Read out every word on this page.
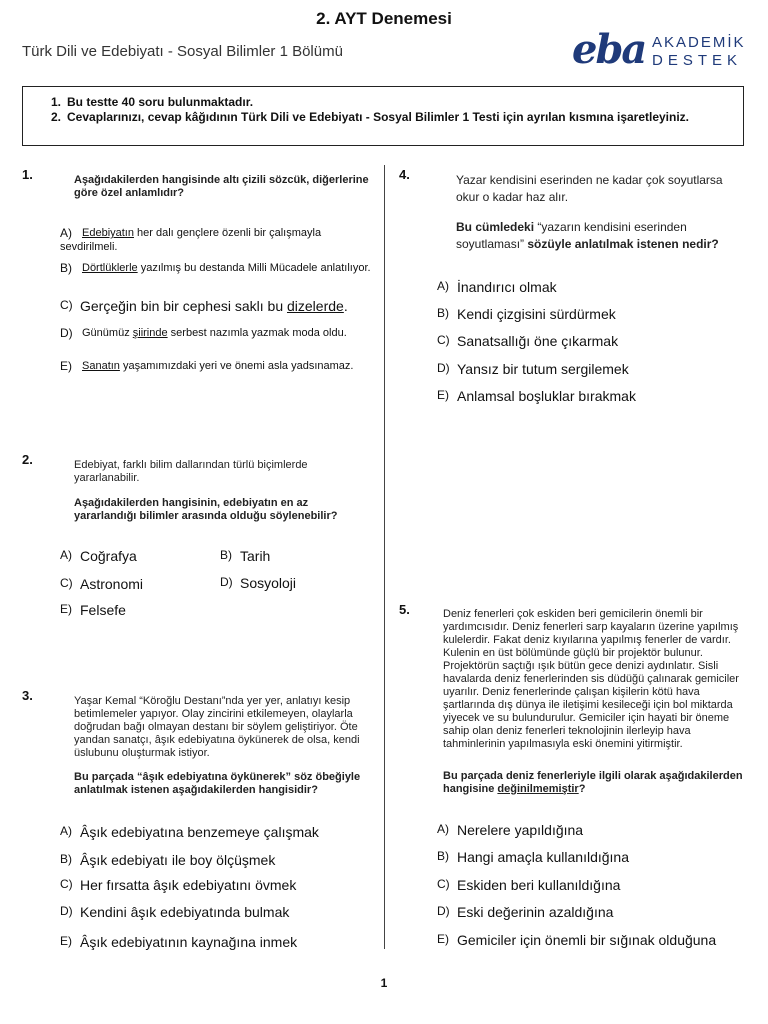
2. AYT Denemesi
Türk Dili ve Edebiyatı - Sosyal Bilimler 1 Bölümü	eba AKADEMİK
DESTEK
1. Bu testte 40 soru bulunmaktadır.
2. Cevaplarınızı, cevap kâğıdının Türk Dili ve Edebiyatı - Sosyal Bilimler 1 Testi için ayrılan kısmına işaretleyiniz.
1.	Aşağıdakilerden hangisinde altı çizili sözcük, diğerlerine göre özel anlamlıdır?
A) Edebiyatın her dalı gençlere özenli bir çalışmayla sevdirilmeli.
B) Dörtlüklerle yazılmış bu destanda Milli Mücadele anlatılıyor.
C) Gerçeğin bin bir cephesi saklı bu dizelerde.
D) Günümüz şiirinde serbest nazımla yazmak moda oldu.
E) Sanatın yaşamımızdaki yeri ve önemi asla yadsınamaz.
2.	Edebiyat, farklı bilim dallarından türlü biçimlerde yararlanabilir.
Aşağıdakilerden hangisinin, edebiyatın en az yararlandığı bilimler arasında olduğu söylenebilir?
A) Coğrafya	B) Tarih
C) Astronomi	D) Sosyoloji
E) Felsefe
3.	Yaşar Kemal “Köroğlu Destanı”nda yer yer, anlatıyı kesip betimlemeler yapıyor. Olay zincirini etkilemeyen, olaylarla doğrudan bağı olmayan destanı bir söylem geliştiriyor. Öte yandan sanatçı, âşık edebiyatına öykünerek de olsa, kendi üslubunu oluşturmak istiyor.
Bu parçada “âşık edebiyatına öykünerek” söz öbeğiyle anlatılmak istenen aşağıdakilerden hangisidir?
A) Âşık edebiyatına benzemeye çalışmak
B) Âşık edebiyatı ile boy ölçüşmek
C) Her fırsatta âşık edebiyatını övmek
D) Kendini âşık edebiyatında bulmak
E) Âşık edebiyatının kaynağına inmek
4.	Yazar kendisini eserinden ne kadar çok soyutlarsa okur o kadar haz alır.
Bu cümledeki “yazarın kendisini eserinden soyutlaması” sözüyle anlatılmak istenen nedir?
A) İnandırıcı olmak
B) Kendi çizgisini sürdürmek
C) Sanatsallığı öne çıkarmak
D) Yansız bir tutum sergilemek
E) Anlamsal boşluklar bırakmak
5.	Deniz fenerleri çok eskiden beri gemicilerin önemli bir yardımcısıdır. Deniz fenerleri sarp kayaların üzerine yapılmış kulelerdir. Fakat deniz kıyılarına yapılmış fenerler de vardır. Kulenin en üst bölümünde güçlü bir projektör bulunur. Projektörün saçtığı ışık bütün gece denizi aydınlatır. Sisli havalarda deniz fenerlerinden sis düdüğü çalınarak gemiciler uyarılır. Deniz fenerlerinde çalışan kişilerin kötü hava şartlarında dış dünya ile iletişimi kesileceği için bol miktarda yiyecek ve su bulundurulur. Gemiciler için hayati bir öneme sahip olan deniz fenerleri teknolojinin ilerleyip hava tahminlerinin yapılmasıyla eski önemini yitirmiştir.
Bu parçada deniz fenerleriyle ilgili olarak aşağıdakilerden hangisine değinilmemiştir?
A) Nerelere yapıldığına
B) Hangi amaçla kullanıldığına
C) Eskiden beri kullanıldığına
D) Eski değerinin azaldığına
E) Gemiciler için önemli bir sığınak olduğuna
1
